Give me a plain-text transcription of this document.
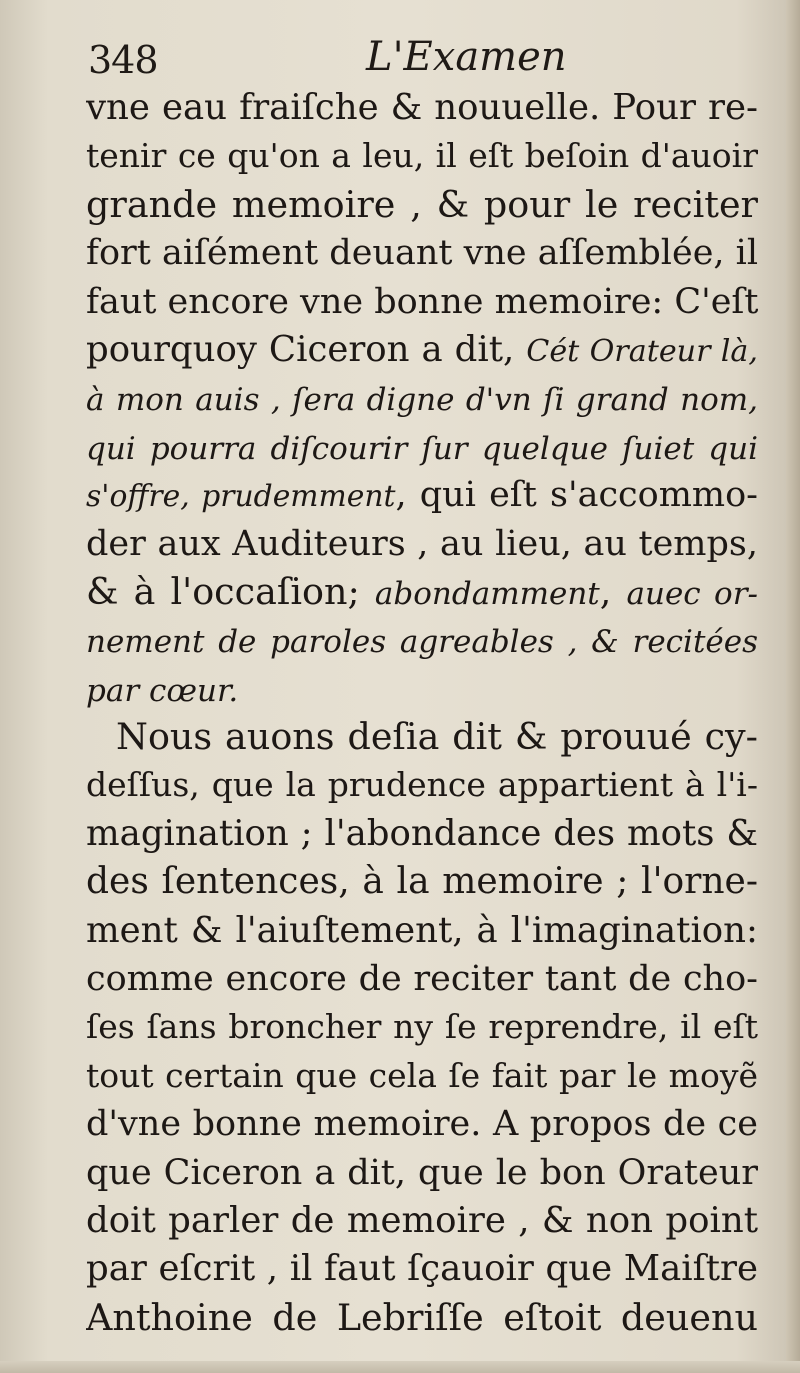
348	L'Examen
vne eau fraiſche & nouuelle. Pour re-
tenir ce qu'on a leu, il eſt beſoin d'auoir
grande memoire , & pour le reciter
fort aiſément deuant vne aſſemblée, il
faut encore vne bonne memoire: C'eſt
pourquoy Ciceron a dit, Cét Orateur là,
à mon auis , ſera digne d'vn ſi grand nom,
qui pourra diſcourir ſur quelque ſuiet qui
s'offre, prudemment, qui eſt s'accommo-
der aux Auditeurs , au lieu, au temps,
& à l'occaſion; abondamment, auec or-
nement de paroles agreables , & recitées
par cœur.
Nous auons deſia dit & prouué cy-
deſſus, que la prudence appartient à l'i-
magination ; l'abondance des mots &
des ſentences, à la memoire ; l'orne-
ment & l'aiuſtement, à l'imagination:
comme encore de reciter tant de cho-
ſes ſans broncher ny ſe reprendre, il eſt
tout certain que cela ſe fait par le moyẽ
d'vne bonne memoire. A propos de ce
que Ciceron a dit, que le bon Orateur
doit parler de memoire , & non point
par eſcrit , il faut ſçauoir que Maiſtre
Anthoine de Lebriſſe eſtoit deuenu
